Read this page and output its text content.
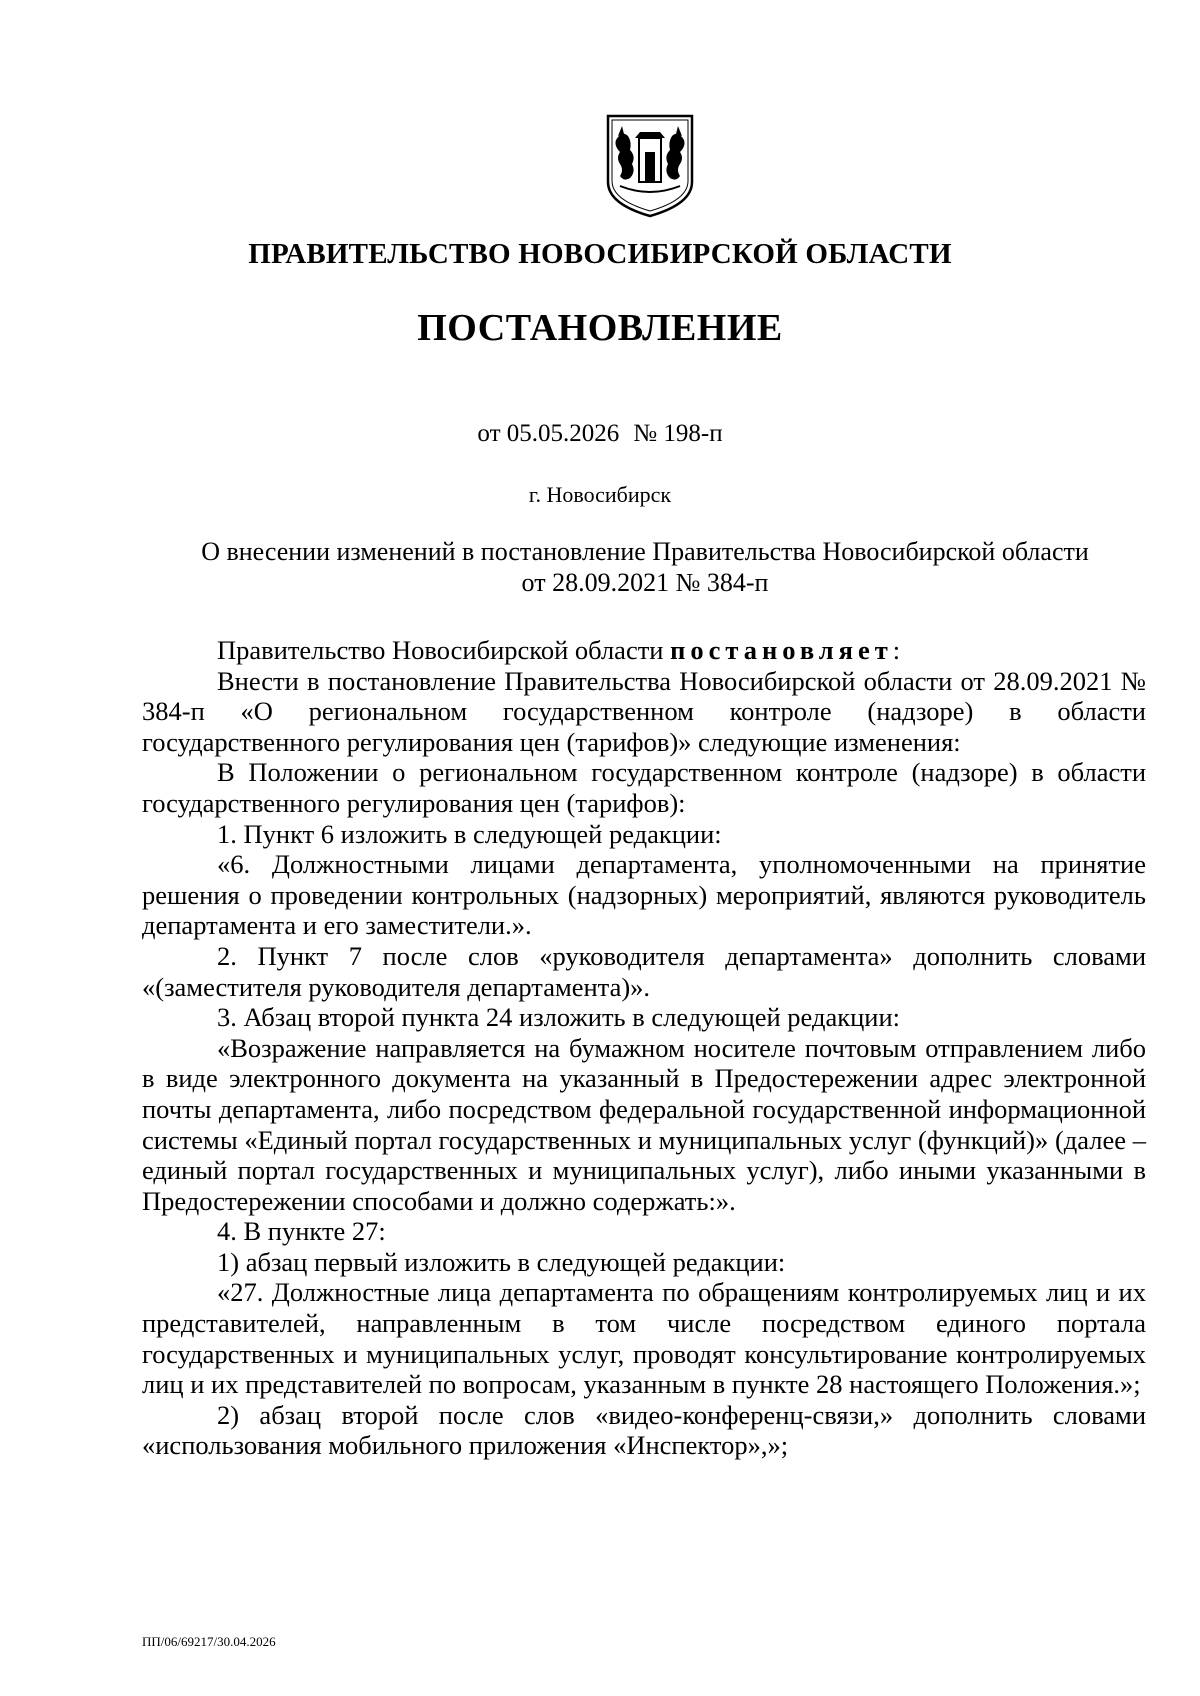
ПРАВИТЕЛЬСТВО НОВОСИБИРСКОЙ ОБЛАСТИ
ПОСТАНОВЛЕНИЕ
от 05.05.2026 № 198-п
г. Новосибирск
О внесении изменений в постановление Правительства Новосибирской области
от 28.09.2021 № 384-п

Правительство Новосибирской области постановляет:

Внести в постановление Правительства Новосибирской области от 28.09.2021 № 384-п «О региональном государственном контроле (надзоре) в области государственного регулирования цен (тарифов)» следующие изменения:

В Положении о региональном государственном контроле (надзоре) в области государственного регулирования цен (тарифов):

1. Пункт 6 изложить в следующей редакции:

«6. Должностными лицами департамента, уполномоченными на принятие решения о проведении контрольных (надзорных) мероприятий, являются руководитель департамента и его заместители.».

2. Пункт 7 после слов «руководителя департамента» дополнить словами «(заместителя руководителя департамента)».

3. Абзац второй пункта 24 изложить в следующей редакции:

«Возражение направляется на бумажном носителе почтовым отправлением либо в виде электронного документа на указанный в Предостережении адрес электронной почты департамента, либо посредством федеральной государственной информационной системы «Единый портал государственных и муниципальных услуг (функций)» (далее – единый портал государственных и муниципальных услуг), либо иными указанными в Предостережении способами и должно содержать:».

4. В пункте 27:

1) абзац первый изложить в следующей редакции:

«27. Должностные лица департамента по обращениям контролируемых лиц и их представителей, направленным в том числе посредством единого портала государственных и муниципальных услуг, проводят консультирование контролируемых лиц и их представителей по вопросам, указанным в пункте 28 настоящего Положения.»;

2) абзац второй после слов «видео-конференц-связи,» дополнить словами «использования мобильного приложения «Инспектор»,»;

ПП/06/69217/30.04.2026
